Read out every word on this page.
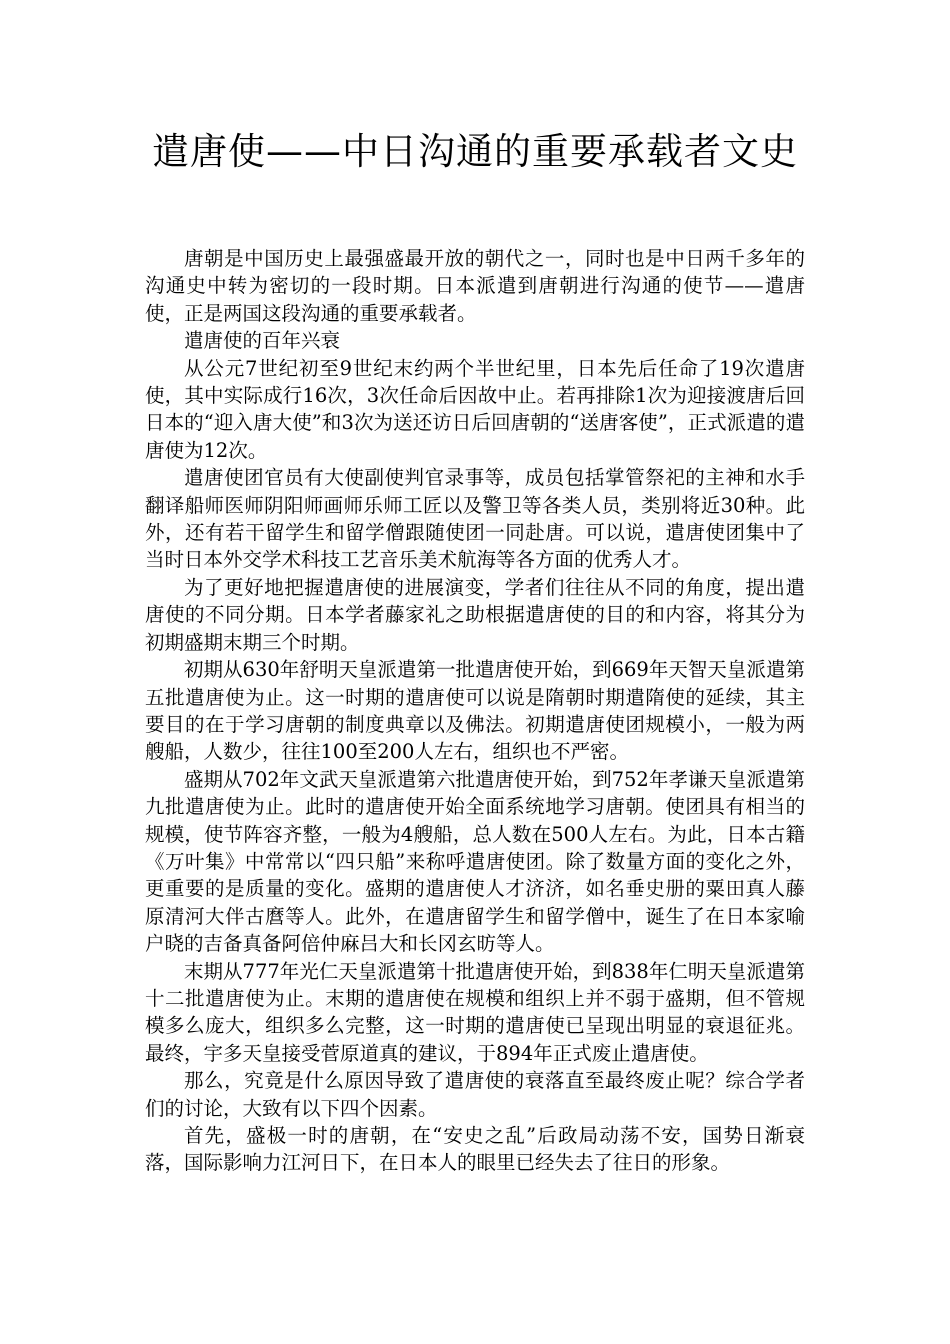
遣唐使——中日沟通的重要承载者文史

唐朝是中国历史上最强盛最开放的朝代之一，同时也是中日两千多年的沟通史中转为密切的一段时期。日本派遣到唐朝进行沟通的使节——遣唐使，正是两国这段沟通的重要承载者。

遣唐使的百年兴衰

从公元7世纪初至9世纪末约两个半世纪里，日本先后任命了19次遣唐使，其中实际成行16次，3次任命后因故中止。若再排除1次为迎接渡唐后回日本的“迎入唐大使”和3次为送还访日后回唐朝的“送唐客使”，正式派遣的遣唐使为12次。

遣唐使团官员有大使副使判官录事等，成员包括掌管祭祀的主神和水手翻译船师医师阴阳师画师乐师工匠以及警卫等各类人员，类别将近30种。此外，还有若干留学生和留学僧跟随使团一同赴唐。可以说，遣唐使团集中了当时日本外交学术科技工艺音乐美术航海等各方面的优秀人才。

为了更好地把握遣唐使的进展演变，学者们往往从不同的角度，提出遣唐使的不同分期。日本学者藤家礼之助根据遣唐使的目的和内容，将其分为初期盛期末期三个时期。

初期从630年舒明天皇派遣第一批遣唐使开始，到669年天智天皇派遣第五批遣唐使为止。这一时期的遣唐使可以说是隋朝时期遣隋使的延续，其主要目的在于学习唐朝的制度典章以及佛法。初期遣唐使团规模小，一般为两艘船，人数少，往往100至200人左右，组织也不严密。

盛期从702年文武天皇派遣第六批遣唐使开始，到752年孝谦天皇派遣第九批遣唐使为止。此时的遣唐使开始全面系统地学习唐朝。使团具有相当的规模，使节阵容齐整，一般为4艘船，总人数在500人左右。为此，日本古籍《万叶集》中常常以“四只船”来称呼遣唐使团。除了数量方面的变化之外，更重要的是质量的变化。盛期的遣唐使人才济济，如名垂史册的粟田真人藤原清河大伴古麿等人。此外，在遣唐留学生和留学僧中，诞生了在日本家喻户晓的吉备真备阿倍仲麻吕大和长冈玄昉等人。

末期从777年光仁天皇派遣第十批遣唐使开始，到838年仁明天皇派遣第十二批遣唐使为止。末期的遣唐使在规模和组织上并不弱于盛期，但不管规模多么庞大，组织多么完整，这一时期的遣唐使已呈现出明显的衰退征兆。最终，宇多天皇接受菅原道真的建议，于894年正式废止遣唐使。

那么，究竟是什么原因导致了遣唐使的衰落直至最终废止呢？综合学者们的讨论，大致有以下四个因素。

首先，盛极一时的唐朝，在“安史之乱”后政局动荡不安，国势日渐衰落，国际影响力江河日下，在日本人的眼里已经失去了往日的形象。
